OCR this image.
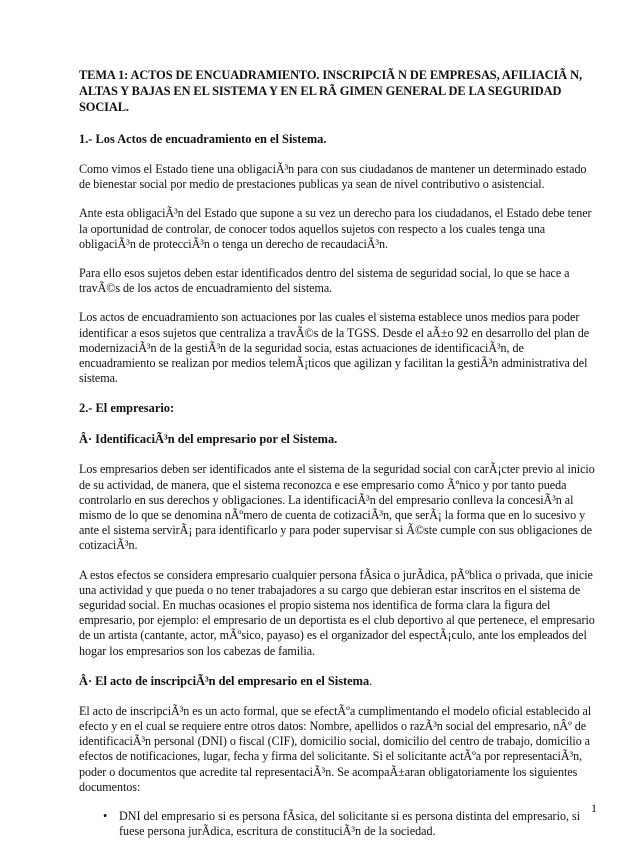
TEMA 1: ACTOS DE ENCUADRAMIENTO. INSCRIPCIÃ N DE EMPRESAS, AFILIACIÃ N, ALTAS Y BAJAS EN EL SISTEMA Y EN EL RÃ GIMEN GENERAL DE LA SEGURIDAD SOCIAL.
1.- Los Actos de encuadramiento en el Sistema.

Como vimos el Estado tiene una obligaciÃ³n para con sus ciudadanos de mantener un determinado estado de bienestar social por medio de prestaciones publicas ya sean de nivel contributivo o asistencial.

Ante esta obligaciÃ³n del Estado que supone a su vez un derecho para los ciudadanos, el Estado debe tener la oportunidad de controlar, de conocer todos aquellos sujetos con respecto a los cuales tenga una obligaciÃ³n de protecciÃ³n o tenga un derecho de recaudaciÃ³n.

Para ello esos sujetos deben estar identificados dentro del sistema de seguridad social, lo que se hace a travÃ©s de los actos de encuadramiento del sistema.

Los actos de encuadramiento son actuaciones por las cuales el sistema establece unos medios para poder identificar a esos sujetos que centraliza a travÃ©s de la TGSS. Desde el aÃ±o 92 en desarrollo del plan de modernizaciÃ³n de la gestiÃ³n de la seguridad socia, estas actuaciones de identificaciÃ³n, de encuadramiento se realizan por medios telemÃ¡ticos que agilizan y facilitan la gestiÃ³n administrativa del sistema.

2.- El empresario:
Â· IdentificaciÃ³n del empresario por el Sistema.

Los empresarios deben ser identificados ante el sistema de la seguridad social con carÃ¡cter previo al inicio de su actividad, de manera, que el sistema reconozca e ese empresario como Ãºnico y por tanto pueda controlarlo en sus derechos y obligaciones. La identificaciÃ³n del empresario conlleva la concesiÃ³n al mismo de lo que se denomina nÃºmero de cuenta de cotizaciÃ³n, que serÃ¡ la forma que en lo sucesivo y ante el sistema servirÃ¡ para identificarlo y para poder supervisar si Ã©ste cumple con sus obligaciones de cotizaciÃ³n.

A estos efectos se considera empresario cualquier persona fÃsica o jurÃdica, pÃºblica o privada, que inicie una actividad y que pueda o no tener trabajadores a su cargo que debieran estar inscritos en el sistema de seguridad social. En muchas ocasiones el propio sistema nos identifica de forma clara la figura del empresario, por ejemplo: el empresario de un deportista es el club deportivo al que pertenece, el empresario de un artista (cantante, actor, mÃºsico, payaso) es el organizador del espectÃ¡culo, ante los empleados del hogar los empresarios son los cabezas de familia.

Â· El acto de inscripciÃ³n del empresario en el Sistema.

El acto de inscripciÃ³n es un acto formal, que se efectÃºa cumplimentando el modelo oficial establecido al efecto y en el cual se requiere entre otros datos: Nombre, apellidos o razÃ³n social del empresario, nÂº de identificaciÃ³n personal (DNI) o fiscal (CIF), domicilio social, domicilio del centro de trabajo, domicilio a efectos de notificaciones, lugar, fecha y firma del solicitante. Si el solicitante actÃºa por representaciÃ³n, poder o documentos que acredite tal representaciÃ³n. Se acompaÃ±aran obligatoriamente los siguientes documentos:

• DNI del empresario si es persona fÃsica, del solicitante si es persona distinta del empresario, si fuese persona jurÃdica, escritura de constituciÃ³n de la sociedad.
1
